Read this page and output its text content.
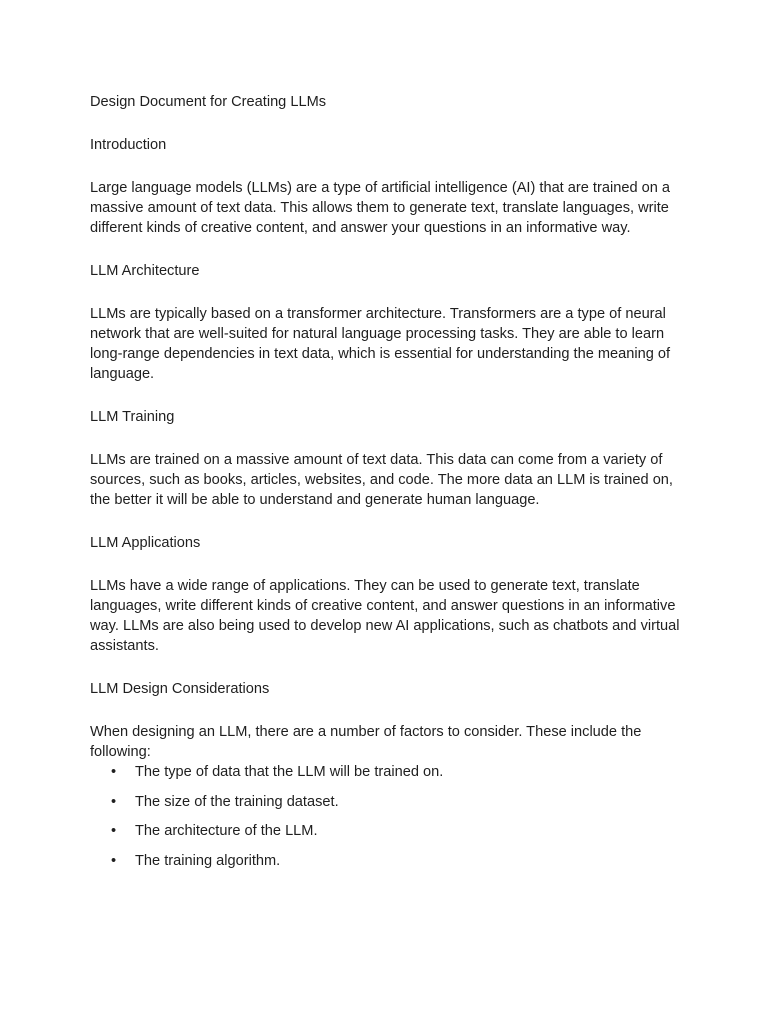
Design Document for Creating LLMs
Introduction
Large language models (LLMs) are a type of artificial intelligence (AI) that are trained on a massive amount of text data. This allows them to generate text, translate languages, write different kinds of creative content, and answer your questions in an informative way.
LLM Architecture
LLMs are typically based on a transformer architecture. Transformers are a type of neural network that are well-suited for natural language processing tasks. They are able to learn long-range dependencies in text data, which is essential for understanding the meaning of language.
LLM Training
LLMs are trained on a massive amount of text data. This data can come from a variety of sources, such as books, articles, websites, and code. The more data an LLM is trained on, the better it will be able to understand and generate human language.
LLM Applications
LLMs have a wide range of applications. They can be used to generate text, translate languages, write different kinds of creative content, and answer questions in an informative way. LLMs are also being used to develop new AI applications, such as chatbots and virtual assistants.
LLM Design Considerations
When designing an LLM, there are a number of factors to consider. These include the following:
• The type of data that the LLM will be trained on.
• The size of the training dataset.
• The architecture of the LLM.
• The training algorithm.
